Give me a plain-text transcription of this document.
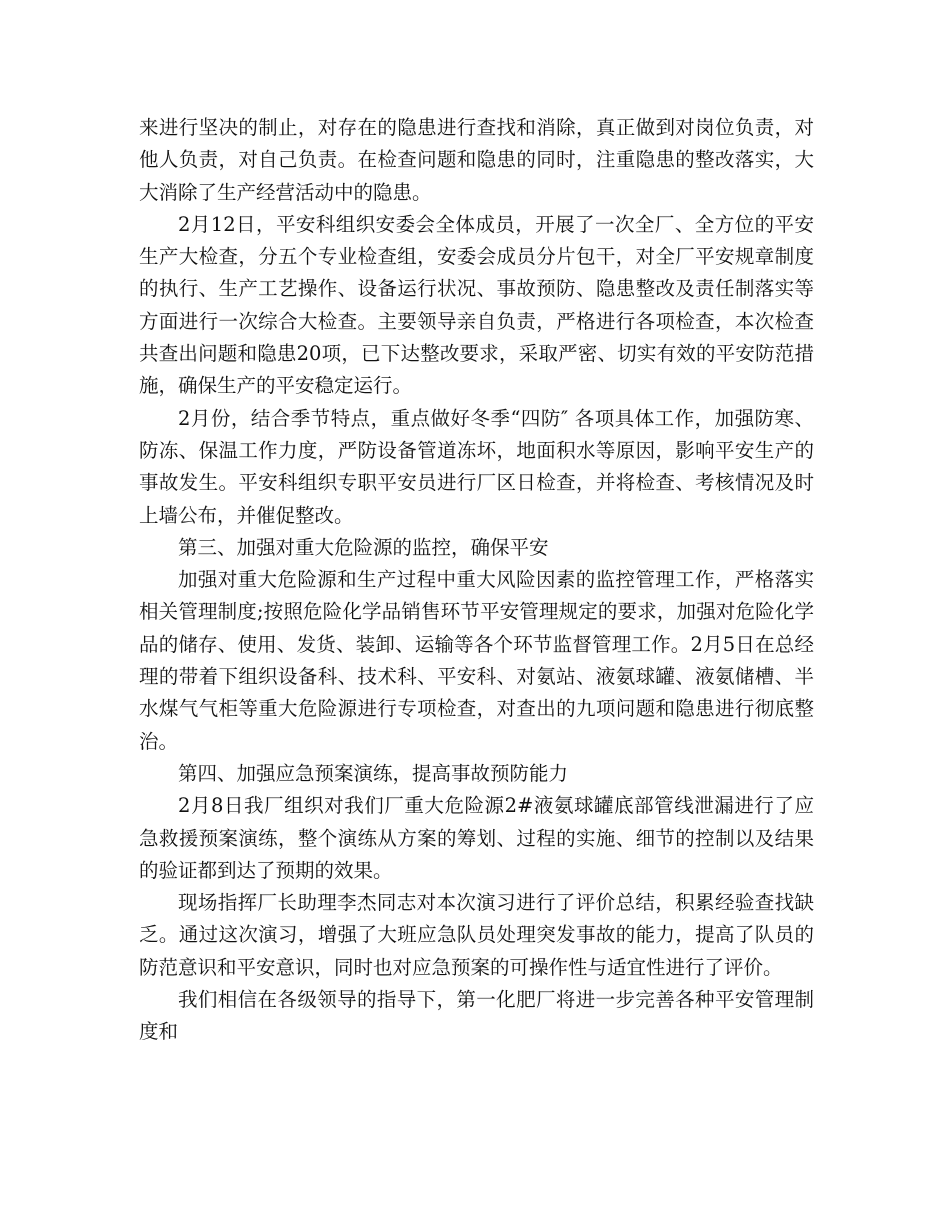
来进行坚决的制止，对存在的隐患进行查找和消除，真正做到对岗位负责，对他人负责，对自己负责。在检查问题和隐患的同时，注重隐患的整改落实，大大消除了生产经营活动中的隐患。

2月12日，平安科组织安委会全体成员，开展了一次全厂、全方位的平安生产大检查，分五个专业检查组，安委会成员分片包干，对全厂平安规章制度的执行、生产工艺操作、设备运行状况、事故预防、隐患整改及责任制落实等方面进行一次综合大检查。主要领导亲自负责，严格进行各项检查，本次检查共查出问题和隐患20项，已下达整改要求，采取严密、切实有效的平安防范措施，确保生产的平安稳定运行。

2月份，结合季节特点，重点做好冬季“四防″ 各项具体工作，加强防寒、防冻、保温工作力度，严防设备管道冻坏，地面积水等原因，影响平安生产的事故发生。平安科组织专职平安员进行厂区日检查，并将检查、考核情况及时上墙公布，并催促整改。

第三、加强对重大危险源的监控，确保平安

加强对重大危险源和生产过程中重大风险因素的监控管理工作，严格落实相关管理制度;按照危险化学品销售环节平安管理规定的要求，加强对危险化学品的储存、使用、发货、装卸、运输等各个环节监督管理工作。2月5日在总经理的带着下组织设备科、技术科、平安科、对氨站、液氨球罐、液氨储槽、半水煤气气柜等重大危险源进行专项检查，对查出的九项问题和隐患进行彻底整治。

第四、加强应急预案演练，提高事故预防能力

2月8日我厂组织对我们厂重大危险源2#液氨球罐底部管线泄漏进行了应急救援预案演练，整个演练从方案的筹划、过程的实施、细节的控制以及结果的验证都到达了预期的效果。

现场指挥厂长助理李杰同志对本次演习进行了评价总结，积累经验查找缺乏。通过这次演习，增强了大班应急队员处理突发事故的能力，提高了队员的防范意识和平安意识，同时也对应急预案的可操作性与适宜性进行了评价。

我们相信在各级领导的指导下，第一化肥厂将进一步完善各种平安管理制度和
